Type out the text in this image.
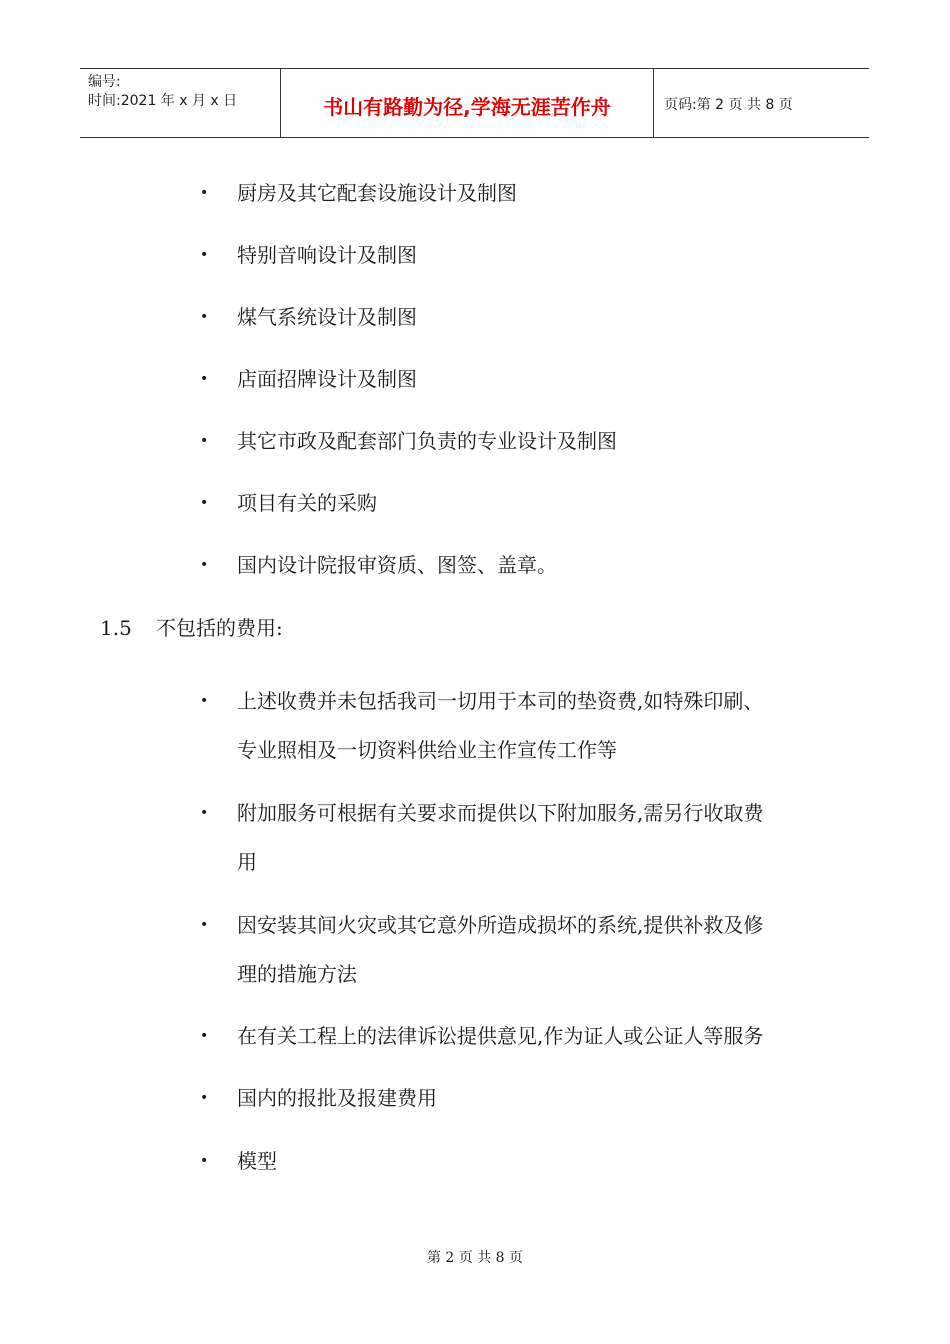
编号:
时间:2021 年 x 月 x 日	书山有路勤为径,学海无涯苦作舟	页码:第 2 页 共 8 页
• 厨房及其它配套设施设计及制图
• 特别音响设计及制图
• 煤气系统设计及制图
• 店面招牌设计及制图
• 其它市政及配套部门负责的专业设计及制图
• 项目有关的采购
• 国内设计院报审资质、图签、盖章。
1.5 不包括的费用:
• 上述收费并未包括我司一切用于本司的垫资费,如特殊印刷、
专业照相及一切资料供给业主作宣传工作等
• 附加服务可根据有关要求而提供以下附加服务,需另行收取费
用
• 因安装其间火灾或其它意外所造成损坏的系统,提供补救及修
理的措施方法
• 在有关工程上的法律诉讼提供意见,作为证人或公证人等服务
• 国内的报批及报建费用
• 模型
第 2 页 共 8 页
